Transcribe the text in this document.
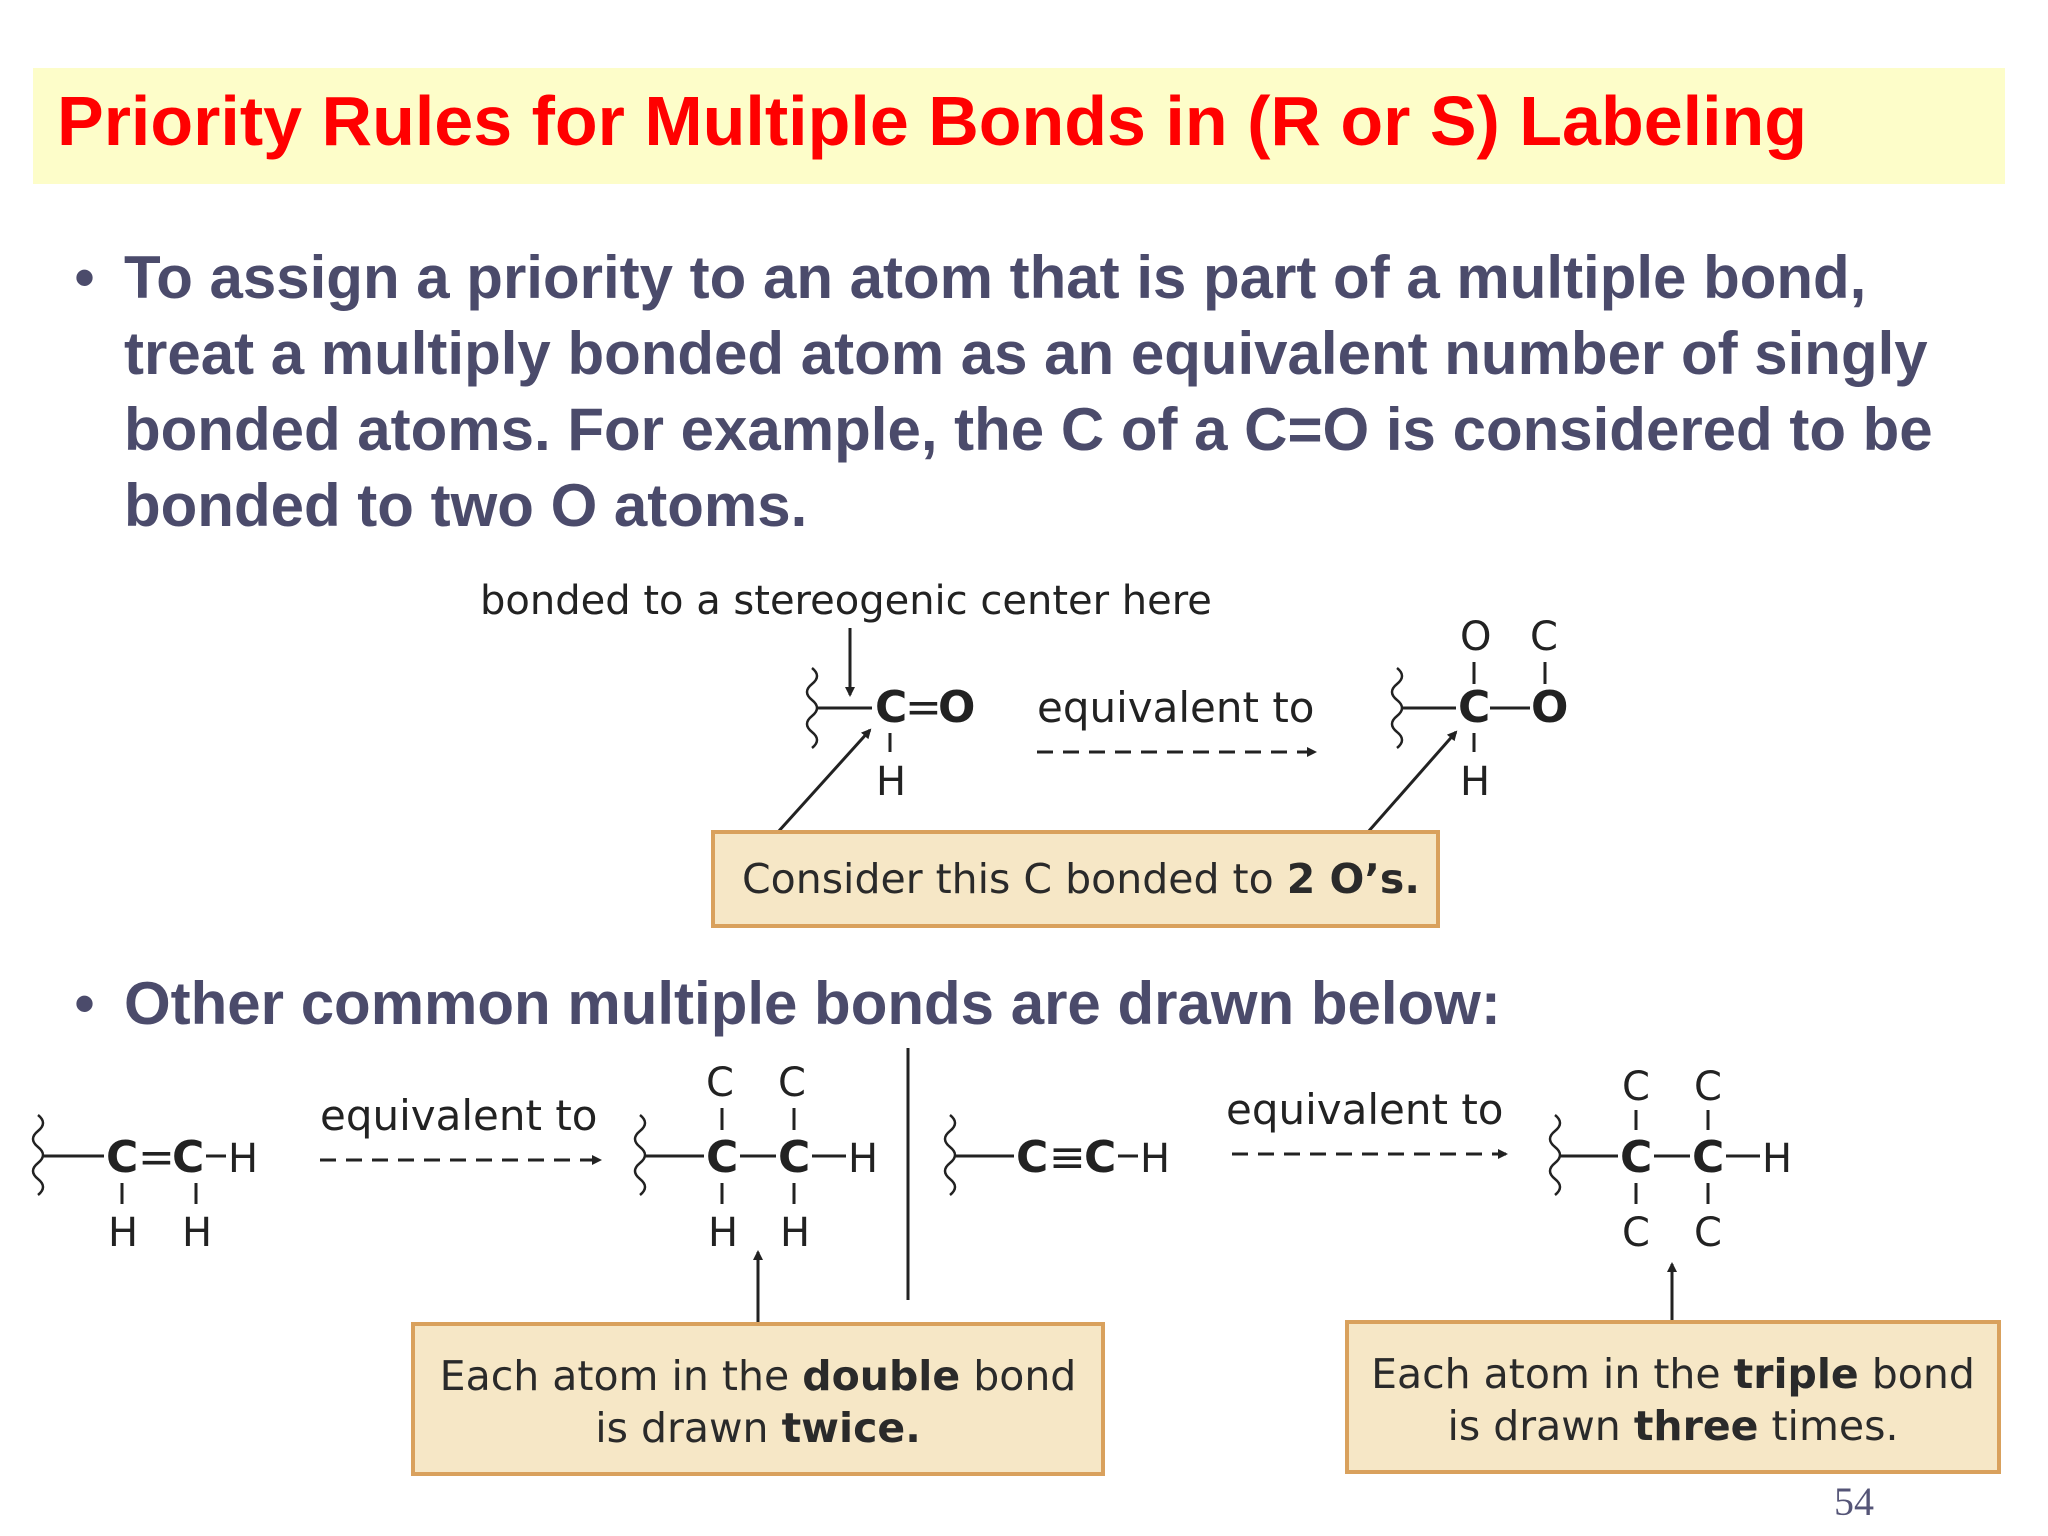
Priority Rules for Multiple Bonds in (R or S) Labeling
• To assign a priority to an atom that is part of a multiple bond, treat a multiply bonded atom as an equivalent number of singly bonded atoms. For example, the C of a C=O is considered to be bonded to two O atoms.
• Other common multiple bonds are drawn below:
bonded to a stereogenic center here
C
=
O
H
equivalent to	C O
O C
H
Consider this C bonded to 2 O’s.
C =
C H
H H
equivalent to
C C H
C C
H H
Each atom in the double bond
is drawn twice.
C ≡
C H
equivalent to
C C H
C C
C C
Each atom in the triple bond
is drawn three times.
54
